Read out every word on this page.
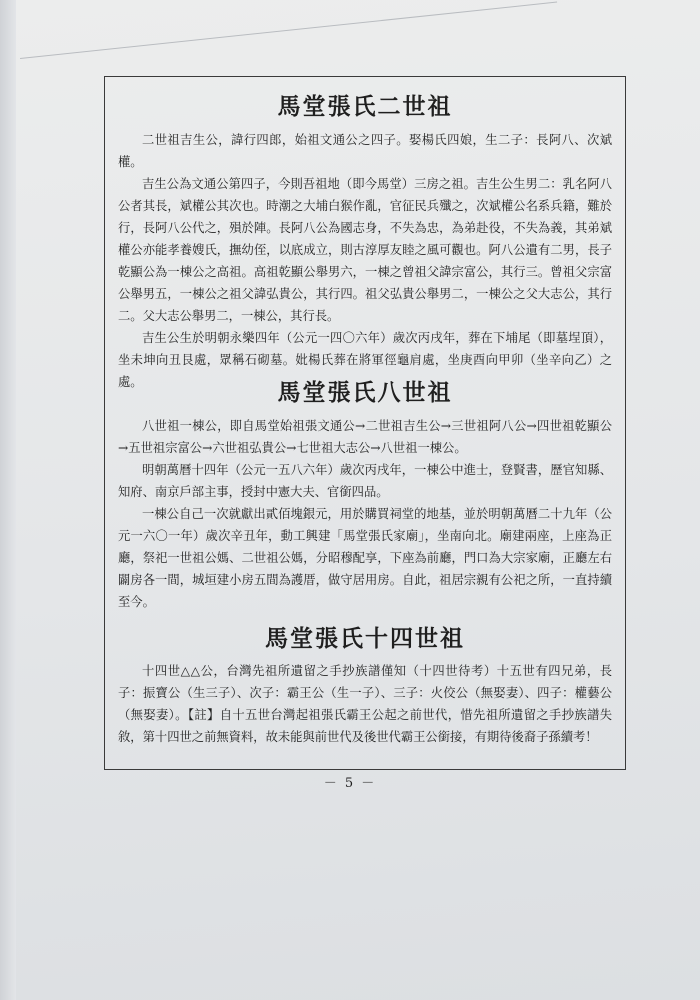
馬堂張氏二世祖

二世祖吉生公，諱行四郎，始祖文通公之四子。娶楊氏四娘，生二子：長阿八、次斌權。

吉生公為文通公第四子，今則吾祖地（即今馬堂）三房之祖。吉生公生男二：乳名阿八公者其長，斌權公其次也。時潮之大埔白猴作亂，官征民兵殲之，次斌權公名系兵籍，難於行，長阿八公代之，殞於陣。長阿八公為國志身，不失為忠，為弟赴役，不失為義，其弟斌權公亦能孝養嫂氏，撫幼侄，以底成立，則古淳厚友睦之風可觀也。阿八公遺有二男，長子乾顯公為一棟公之高祖。高祖乾顯公舉男六，一棟之曾祖父諱宗富公，其行三。曾祖父宗富公舉男五，一棟公之祖父諱弘貴公，其行四。祖父弘貴公舉男二，一棟公之父大志公，其行二。父大志公舉男二，一棟公，其行長。

吉生公生於明朝永樂四年（公元一四〇六年）歲次丙戌年，葬在下埔尾（即墓埕頂），坐未坤向丑艮處，眾稱石砌墓。妣楊氏葬在將軍徑龜肩處，坐庚酉向甲卯（坐辛向乙）之處。	馬堂張氏八世祖

八世祖一棟公，即自馬堂始祖張文通公→二世祖吉生公→三世祖阿八公→四世祖乾顯公→五世祖宗富公→六世祖弘貴公→七世祖大志公→八世祖一棟公。

明朝萬曆十四年（公元一五八六年）歲次丙戌年，一棟公中進士，登賢書，歷官知縣、知府、南京戶部主事，授封中憲大夫、官銜四品。

一棟公自己一次就獻出貳佰塊銀元，用於購買祠堂的地基，並於明朝萬曆二十九年（公元一六〇一年）歲次辛丑年，動工興建「馬堂張氏家廟」，坐南向北。廟建兩座，上座為正廳，祭祀一世祖公媽、二世祖公媽，分昭穆配享，下座為前廳，門口為大宗家廟，正廳左右闢房各一間，城垣建小房五間為護厝，做守居用房。自此，祖居宗親有公祀之所，一直持續至今。

馬堂張氏十四世祖

十四世△△公，台灣先祖所遺留之手抄族譜僅知（十四世待考）十五世有四兄弟，長子：振寶公（生三子）、次子：霸王公（生一子）、三子：火佼公（無娶妻）、四子：權藝公（無娶妻）。【註】自十五世台灣起祖張氏霸王公起之前世代，惜先祖所遺留之手抄族譜失敘，第十四世之前無資料，故未能與前世代及後世代霸王公銜接，有期待後裔子孫續考！

－ 5 －
